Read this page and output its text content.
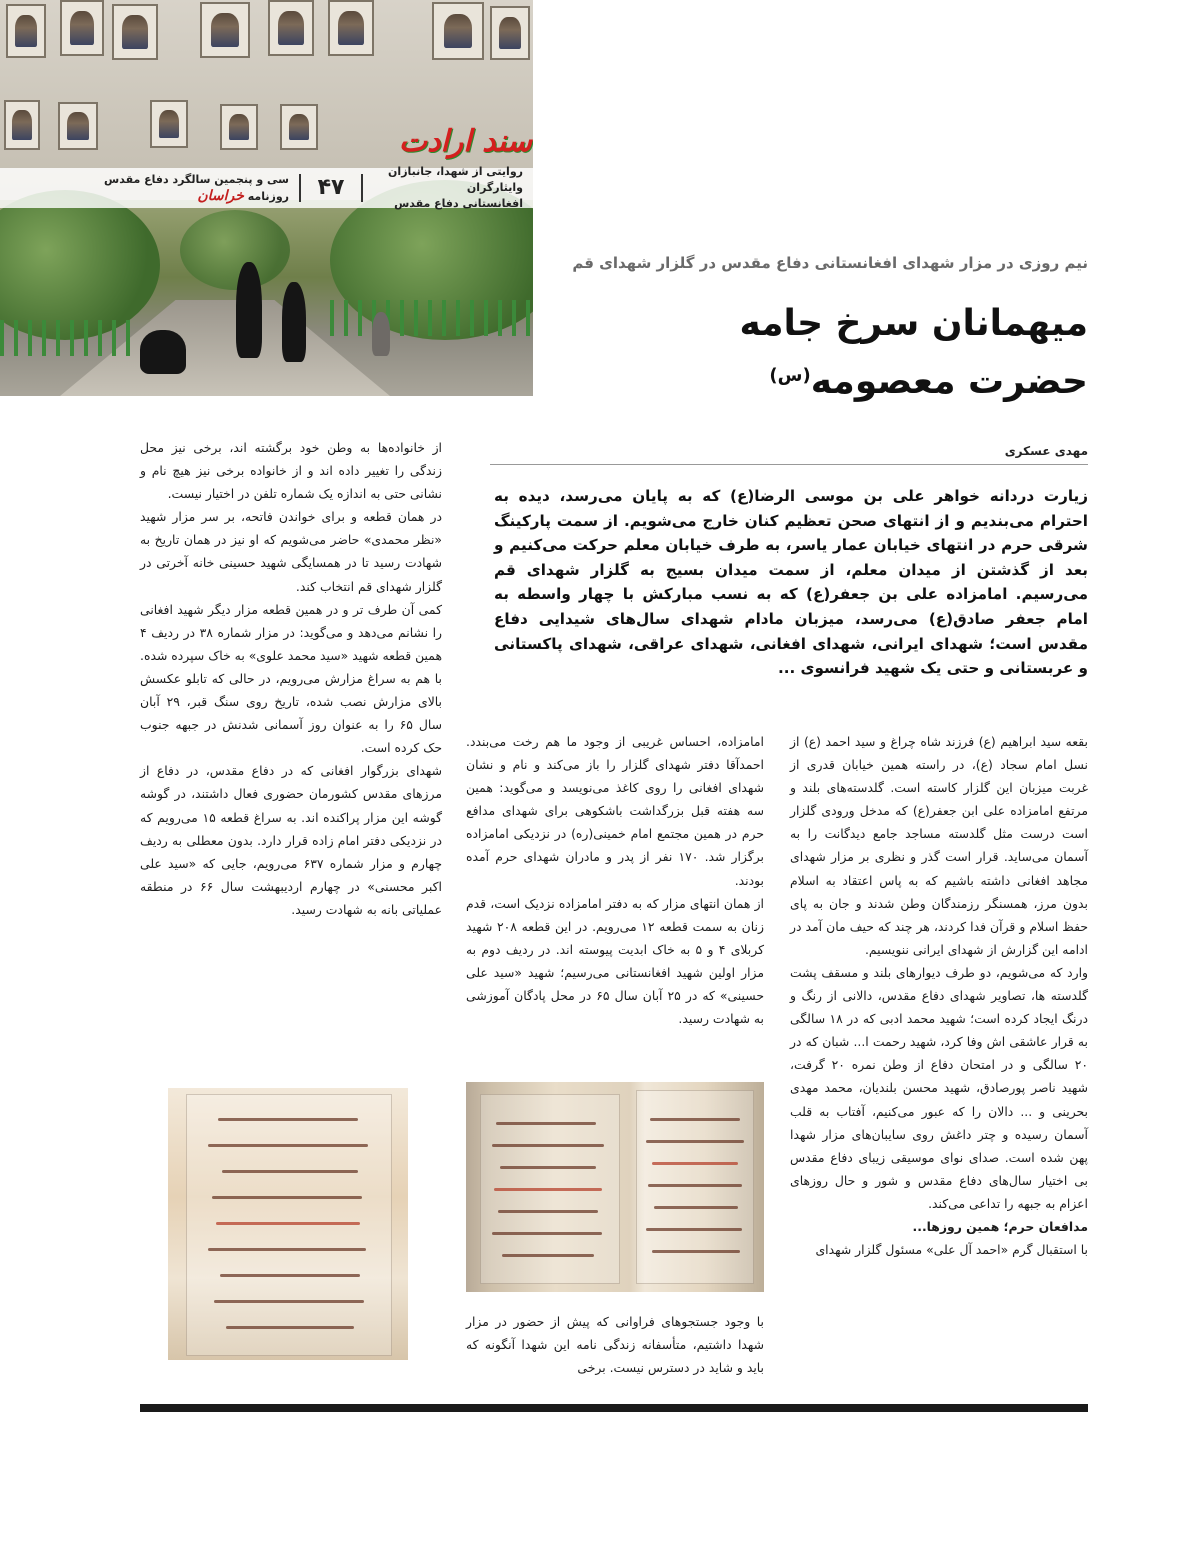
سند ارادت
روایتی از شهدا، جانبازان وایثارگران
افغانستانی دفاع مقدس
۴۷
سی و پنجمین سالگرد دفاع مقدس
روزنامه خراسان
نیم روزی در مزار شهدای افغانستانی دفاع مقدس در گلزار شهدای قم
میهمانان سرخ جامه
حضرت معصومه$^{(س)}$
مهدی عسکری
زیارت دردانه خواهر علی بن موسی الرضا(ع) که به پایان می‌رسد، دیده به احترام می‌بندیم و از انتهای صحن تعظیم کنان خارج می‌شویم. از سمت پارکینگ شرقی حرم در انتهای خیابان عمار یاسر، به طرف خیابان معلم حرکت می‌کنیم و بعد از گذشتن از میدان معلم، از سمت میدان بسیج به گلزار شهدای قم می‌رسیم. امامزاده علی بن جعفر(ع) که به نسب مبارکش با چهار واسطه به امام جعفر صادق(ع) می‌رسد، میزبان مادام شهدای سال‌های شیدایی دفاع مقدس است؛ شهدای ایرانی، شهدای افغانی، شهدای عراقی، شهدای پاکستانی و عربستانی و حتی یک شهید فرانسوی ...

بقعه سید ابراهیم (ع) فرزند شاه چراغ و سید احمد (ع) از نسل امام سجاد (ع)، در راسته همین خیابان قدری از غربت میزبان این گلزار کاسته است. گلدسته‌های بلند و مرتفع امامزاده علی ابن جعفر(ع) که مدخل ورودی گلزار است درست مثل گلدسته مساجد جامع دیدگانت را به آسمان می‌ساید. قرار است گذر و نظری بر مزار شهدای مجاهد افغانی داشته باشیم که به پاس اعتقاد به اسلام بدون مرز، همسنگر رزمندگان وطن شدند و جان به پای حفظ اسلام و قرآن فدا کردند، هر چند که حیف مان آمد در ادامه این گزارش از شهدای ایرانی ننویسیم.

وارد که می‌شویم، دو طرف دیوارهای بلند و مسقف پشت گلدسته ها، تصاویر شهدای دفاع مقدس، دالانی از رنگ و درنگ ایجاد کرده است؛ شهید محمد ادبی که در ۱۸ سالگی به قرار عاشقی اش وفا کرد، شهید رحمت ا... شبان که در ۲۰ سالگی و در امتحان دفاع از وطن نمره ۲۰ گرفت، شهید ناصر پورصادق، شهید محسن بلندیان، محمد مهدی بحرینی و ... دالان را که عبور می‌کنیم، آفتاب به قلب آسمان رسیده و چتر داغش روی سایبان‌های مزار شهدا پهن شده است. صدای نوای موسیقی زیبای دفاع مقدس بی اختیار سال‌های دفاع مقدس و شور و حال روزهای اعزام به جبهه را تداعی می‌کند.

مدافعان حرم؛ همین روزها...

با استقبال گرم «احمد آل علی» مسئول گلزار شهدای

امامزاده، احساس غریبی از وجود ما هم رخت می‌بندد. احمدآقا دفتر شهدای گلزار را باز می‌کند و نام و نشان شهدای افغانی را روی کاغذ می‌نویسد و می‌گوید: همین سه هفته قبل بزرگداشت باشکوهی برای شهدای مدافع حرم در همین مجتمع امام خمینی(ره) در نزدیکی امامزاده برگزار شد. ۱۷۰ نفر از پدر و مادران شهدای حرم آمده بودند.

از همان انتهای مزار که به دفتر امامزاده نزدیک است، قدم زنان به سمت قطعه ۱۲ می‌رویم. در این قطعه ۲۰۸ شهید کربلای ۴ و ۵ به خاک ابدیت پیوسته اند. در ردیف دوم به مزار اولین شهید افغانستانی می‌رسیم؛ شهید «سید علی حسینی» که در ۲۵ آبان سال ۶۵ در محل پادگان آموزشی به شهادت رسید.

با وجود جستجوهای فراوانی که پیش از حضور در مزار شهدا داشتیم، متأسفانه زندگی نامه این شهدا آنگونه که باید و شاید در دسترس نیست. برخی

از خانواده‌ها به وطن خود برگشته اند، برخی نیز محل زندگی را تغییر داده اند و از خانواده برخی نیز هیچ نام و نشانی حتی به اندازه یک شماره تلفن در اختیار نیست.

در همان قطعه و برای خواندن فاتحه، بر سر مزار شهید «نظر محمدی» حاضر می‌شویم که او نیز در همان تاریخ به شهادت رسید تا در همسایگی شهید حسینی خانه آخرتی در گلزار شهدای قم انتخاب کند.

کمی آن طرف تر و در همین قطعه مزار دیگر شهید افغانی را نشانم می‌دهد و می‌گوید: در مزار شماره ۳۸ در ردیف ۴ همین قطعه شهید «سید محمد علوی» به خاک سپرده شده.

با هم به سراغ مزارش می‌رویم، در حالی که تابلو عکسش بالای مزارش نصب شده، تاریخ روی سنگ قبر، ۲۹ آبان سال ۶۵ را به عنوان روز آسمانی شدنش در جبهه جنوب حک کرده است.

شهدای بزرگوار افغانی که در دفاع مقدس، در دفاع از مرزهای مقدس کشورمان حضوری فعال داشتند، در گوشه گوشه این مزار پراکنده اند. به سراغ قطعه ۱۵ می‌رویم که در نزدیکی دفتر امام زاده قرار دارد. بدون معطلی به ردیف چهارم و مزار شماره ۶۳۷ می‌رویم، جایی که «سید علی اکبر محسنی» در چهارم اردیبهشت سال ۶۶ در منطقه عملیاتی بانه به شهادت رسید.
